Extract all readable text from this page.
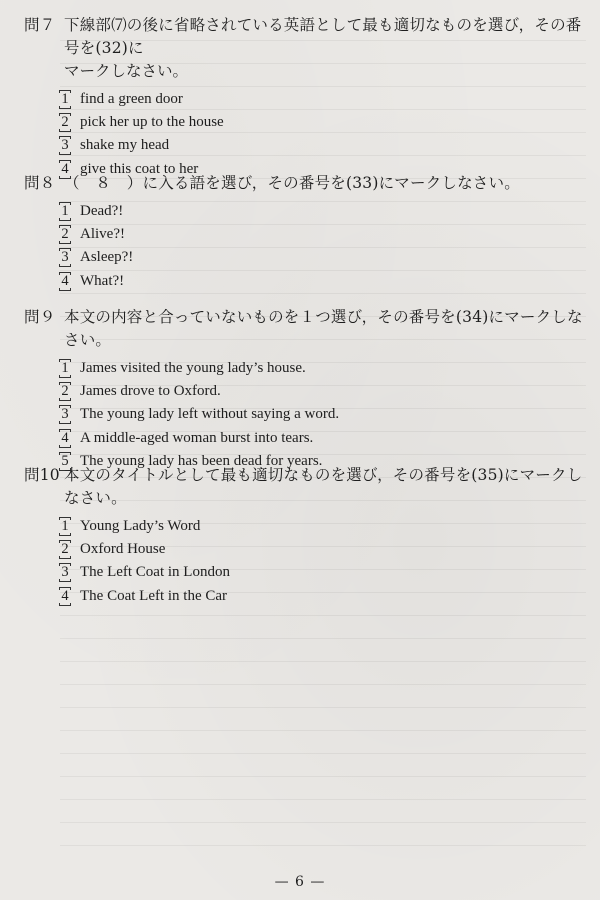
問７ 下線部⑺の後に省略されている英語として最も適切なものを選び，その番号を(32)に
マークしなさい。
1 find a green door
2 pick her up to the house
3 shake my head
4 give this coat to her
問８ （　８　）に入る語を選び，その番号を(33)にマークしなさい。
1 Dead?!
2 Alive?!
3 Asleep?!
4 What?!
問９ 本文の内容と合っていないものを１つ選び，その番号を(34)にマークしなさい。
1 James visited the young lady’s house.
2 James drove to Oxford.
3 The young lady left without saying a word.
4 A middle-aged woman burst into tears.
5 The young lady has been dead for years.
問10 本文のタイトルとして最も適切なものを選び，その番号を(35)にマークしなさい。
1 Young Lady’s Word
2 Oxford House
3 The Left Coat in London
4 The Coat Left in the Car
— 6 —
